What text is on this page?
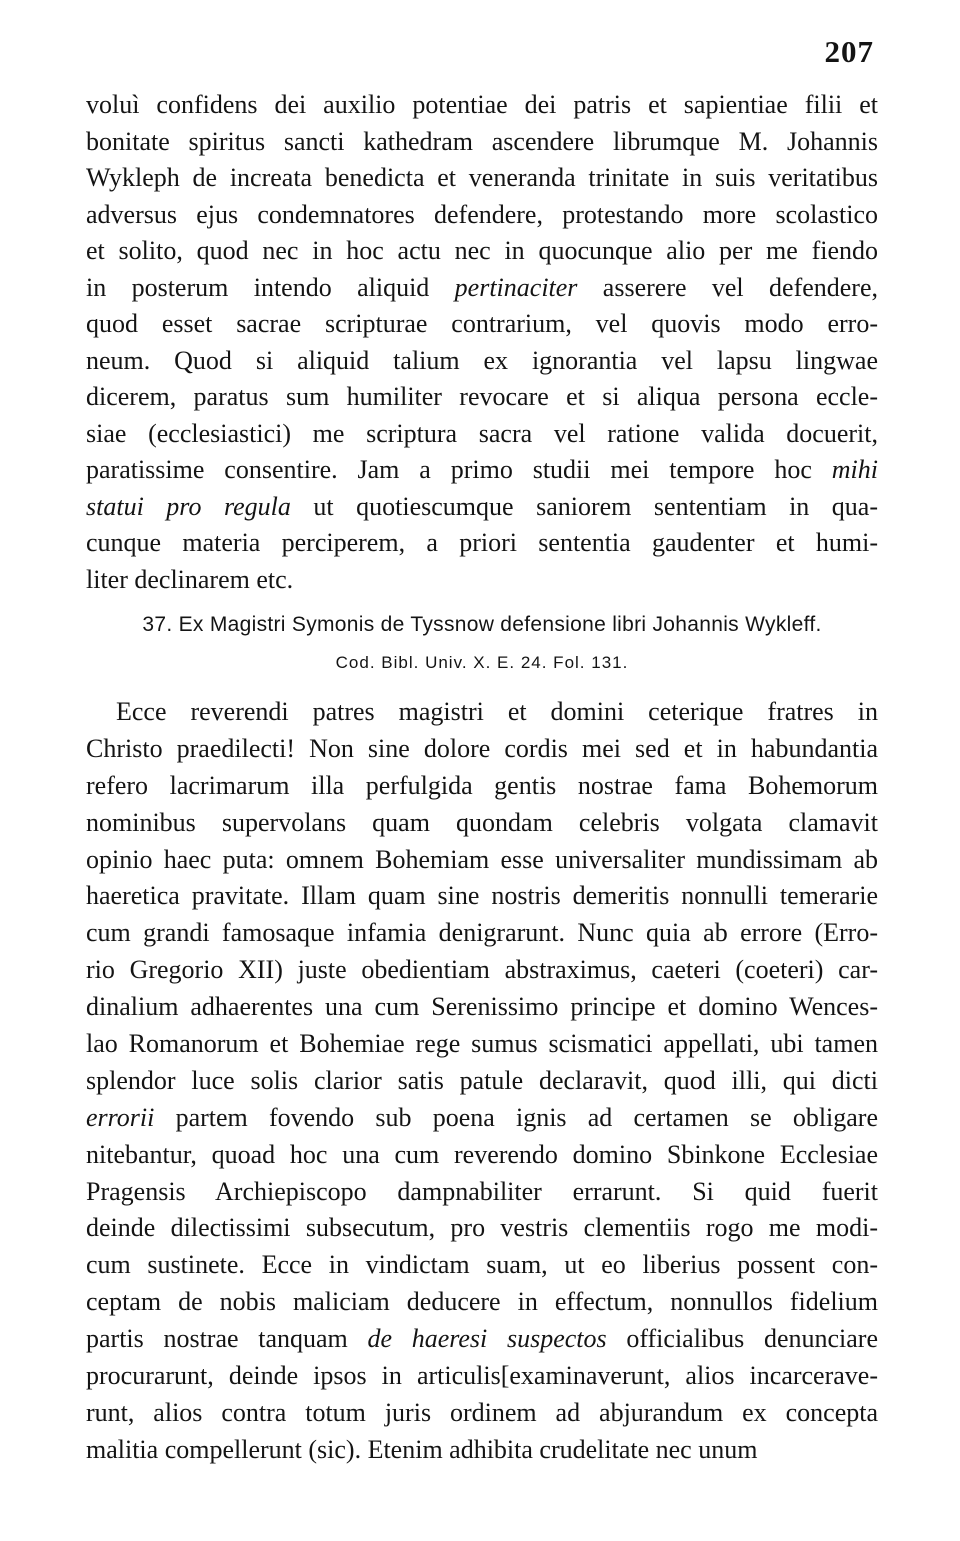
207
voluì confidens dei auxilio potentiae dei patris et sapientiae filii et
bonitate spiritus sancti kathedram ascendere librumque M. Johannis
Wykleph de increata benedicta et veneranda trinitate in suis veritatibus
adversus ejus condemnatores defendere, protestando more scolastico
et solito, quod nec in hoc actu nec in quocunque alio per me fiendo
in posterum intendo aliquid pertinaciter asserere vel defendere,
quod esset sacrae scripturae contrarium, vel quovis modo erro-
neum. Quod si aliquid talium ex ignorantia vel lapsu lingwae
dicerem, paratus sum humiliter revocare et si aliqua persona eccle-
siae (ecclesiastici) me scriptura sacra vel ratione valida docuerit,
paratissime consentire. Jam a primo studii mei tempore hoc mihi
statui pro regula ut quotiescumque saniorem sententiam in qua-
cunque materia perciperem, a priori sententia gaudenter et humi-
liter declinarem etc.
37. Ex Magistri Symonis de Tyssnow defensione libri Johannis Wykleff.
Cod. Bibl. Univ. X. E. 24. Fol. 131.
Ecce reverendi patres magistri et domini ceterique fratres in
Christo praedilecti! Non sine dolore cordis mei sed et in habundantia
refero lacrimarum illa perfulgida gentis nostrae fama Bohemorum
nominibus supervolans quam quondam celebris volgata clamavit
opinio haec puta: omnem Bohemiam esse universaliter mundissimam ab
haeretica pravitate. Illam quam sine nostris demeritis nonnulli temerarie
cum grandi famosaque infamia denigrarunt. Nunc quia ab errore (Erro-
rio Gregorio XII) juste obedientiam abstraximus, caeteri (coeteri) car-
dinalium adhaerentes una cum Serenissimo principe et domino Wences-
lao Romanorum et Bohemiae rege sumus scismatici appellati, ubi tamen
splendor luce solis clarior satis patule declaravit, quod illi, qui dicti
errorii partem fovendo sub poena ignis ad certamen se obligare
nitebantur, quoad hoc una cum reverendo domino Sbinkone Ecclesiae
Pragensis Archiepiscopo dampnabiliter errarunt. Si quid fuerit
deinde dilectissimi subsecutum, pro vestris clementiis rogo me modi-
cum sustinete. Ecce in vindictam suam, ut eo liberius possent con-
ceptam de nobis maliciam deducere in effectum, nonnullos fidelium
partis nostrae tanquam de haeresi suspectos officialibus denunciare
procurarunt, deinde ipsos in articulis[examinaverunt, alios incarcerave-
runt, alios contra totum juris ordinem ad abjurandum ex concepta
malitia compellerunt (sic). Etenim adhibita crudelitate nec unum
